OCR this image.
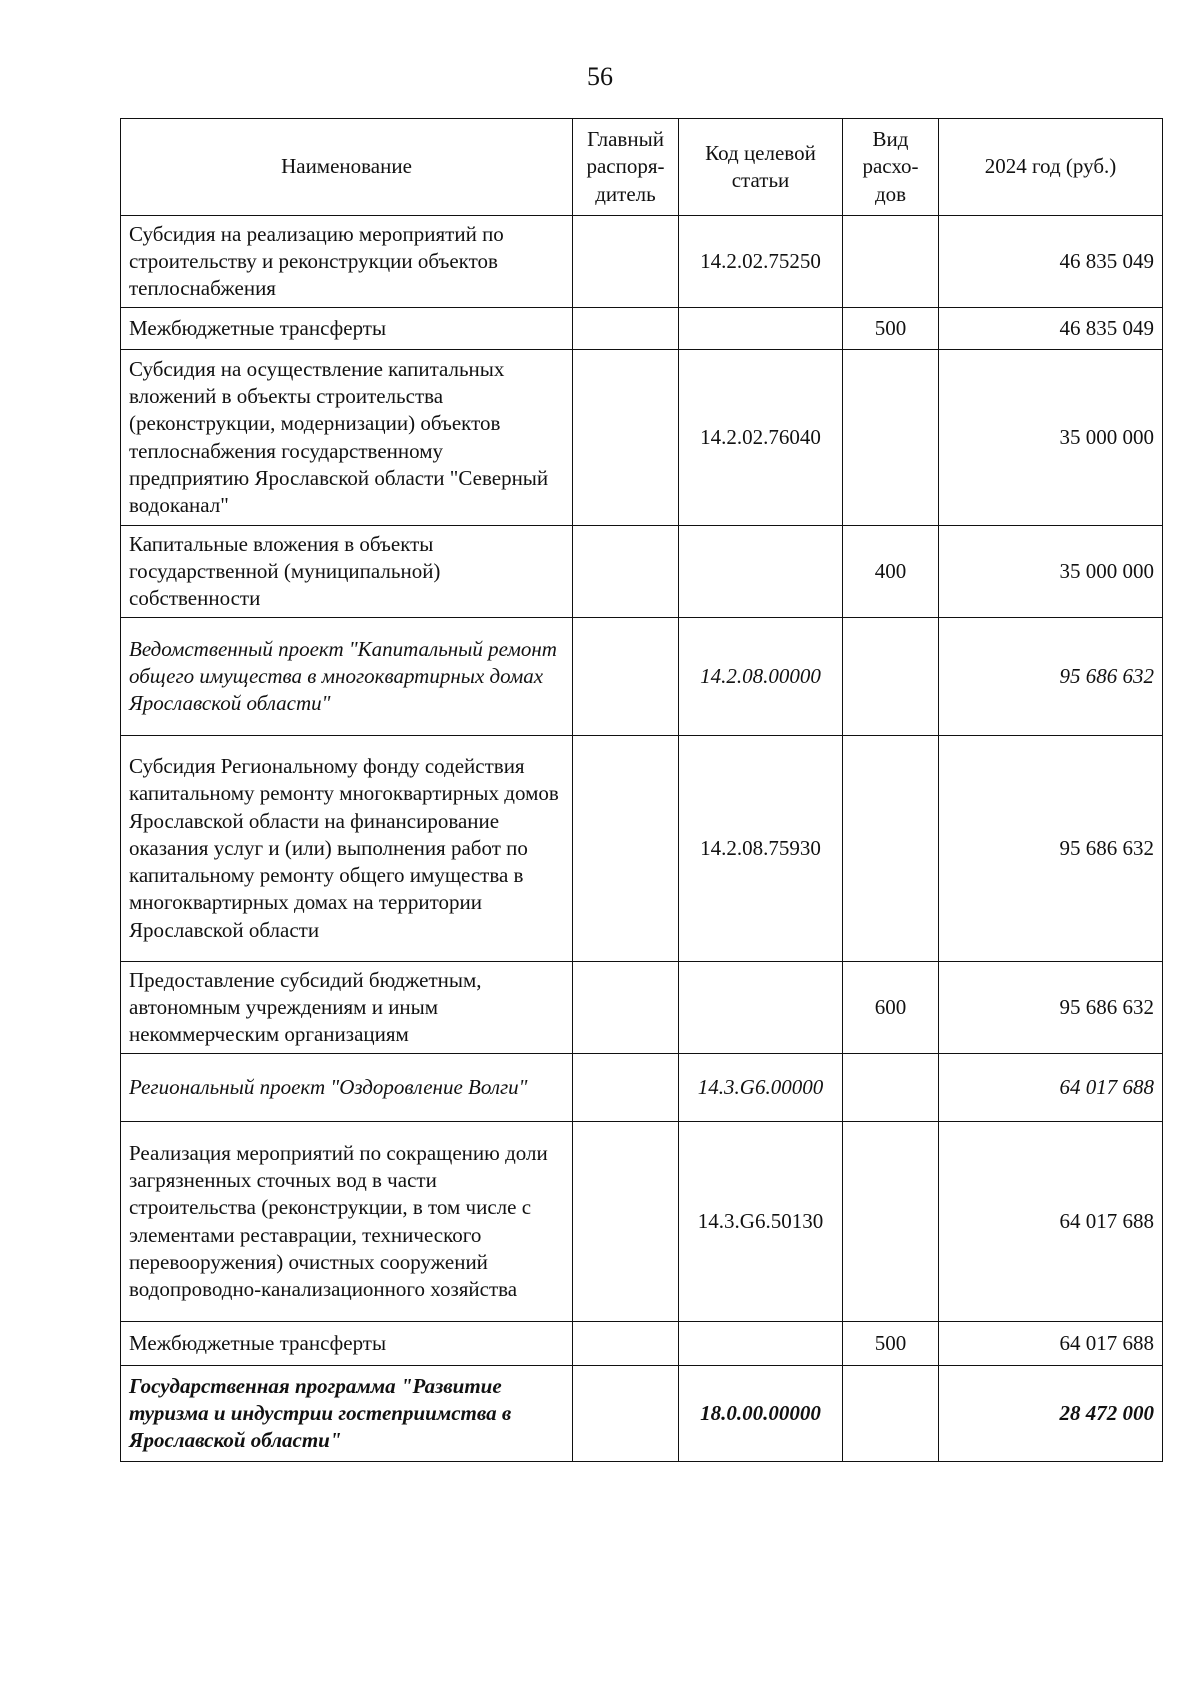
56
Наименование	Главный распоря-дитель	Код целевой статьи	Вид расхо-дов	2024 год (руб.)
Субсидия на реализацию мероприятий по строительству и реконструкции объектов теплоснабжения		14.2.02.75250		46 835 049
Межбюджетные трансферты			500	46 835 049
Субсидия на осуществление капитальных вложений в объекты строительства (реконструкции, модернизации) объектов теплоснабжения государственному предприятию Ярославской области "Северный водоканал"		14.2.02.76040		35 000 000
Капитальные вложения в объекты государственной (муниципальной) собственности			400	35 000 000
Ведомственный проект "Капитальный ремонт общего имущества в многоквартирных домах Ярославской области"		14.2.08.00000		95 686 632
Субсидия Региональному фонду содействия капитальному ремонту многоквартирных домов Ярославской области на финансирование оказания услуг и (или) выполнения работ по капитальному ремонту общего имущества в многоквартирных домах на территории Ярославской области		14.2.08.75930		95 686 632
Предоставление субсидий бюджетным, автономным учреждениям и иным некоммерческим организациям			600	95 686 632
Региональный проект "Оздоровление Волги"		14.3.G6.00000		64 017 688
Реализация мероприятий по сокращению доли загрязненных сточных вод в части строительства (реконструкции, в том числе с элементами реставрации, технического перевооружения) очистных сооружений водопроводно-канализационного хозяйства		14.3.G6.50130		64 017 688
Межбюджетные трансферты			500	64 017 688
Государственная программа "Развитие туризма и индустрии гостеприимства в Ярославской области"		18.0.00.00000		28 472 000
